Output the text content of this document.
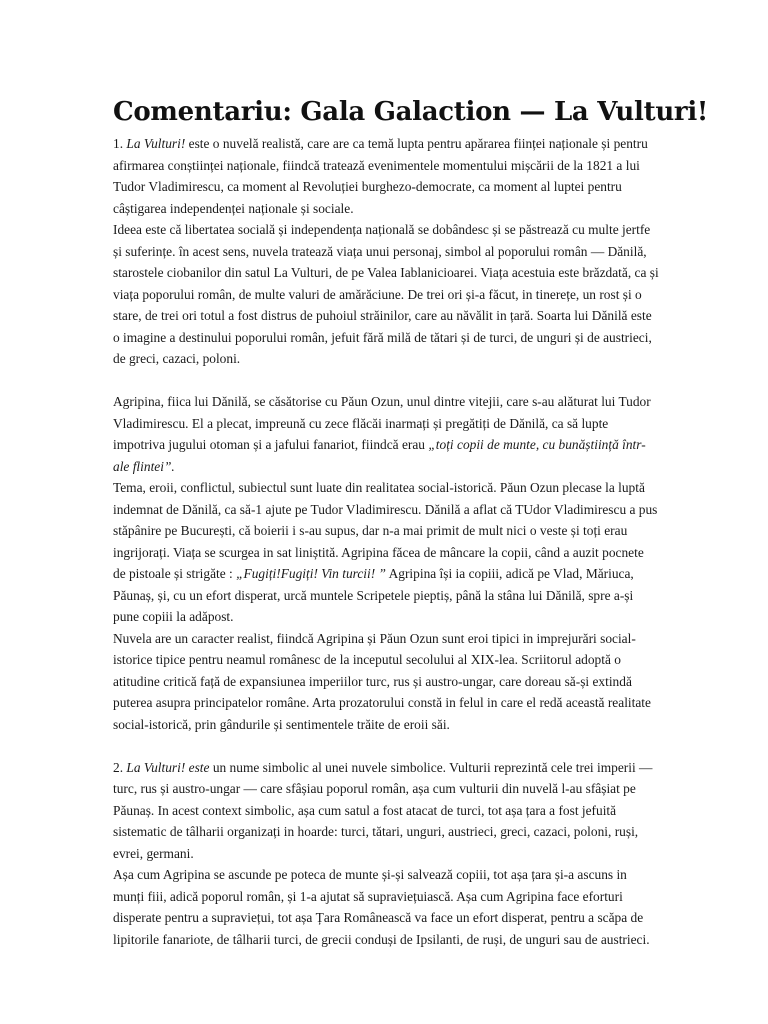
Comentariu: Gala Galaction — La Vulturi!

1. La Vulturi! este o nuvelă realistă, care are ca temă lupta pentru apărarea ființei naționale și pentru afirmarea conștiinței naționale, fiindcă tratează evenimentele momentului mișcării de la 1821 a lui Tudor Vladimirescu, ca moment al Revoluției burghezo-democrate, ca moment al luptei pentru câștigarea independenței naționale și sociale.

Ideea este că libertatea socială și independența națională se dobândesc și se păstrează cu multe jertfe și suferințe. în acest sens, nuvela tratează viața unui personaj, simbol al poporului român — Dănilă, starostele ciobanilor din satul La Vulturi, de pe Valea Iablanicioarei. Viața acestuia este brăzdată, ca și viața poporului român, de multe valuri de amărăciune. De trei ori și-a făcut, in tinerețe, un rost și o stare, de trei ori totul a fost distrus de puhoiul străinilor, care au năvălit in țară. Soarta lui Dănilă este o imagine a destinului poporului român, jefuit fără milă de tătari și de turci, de unguri și de austrieci, de greci, cazaci, poloni.

Agripina, fiica lui Dănilă, se căsătorise cu Păun Ozun, unul dintre vitejii, care s-au alăturat lui Tudor Vladimirescu. El a plecat, impreună cu zece flăcăi inarmați și pregătiți de Dănilă, ca să lupte impotriva jugului otoman și a jafului fanariot, fiindcă erau „toți copii de munte, cu bunăștiință într-ale flintei”.

Tema, eroii, conflictul, subiectul sunt luate din realitatea social-istorică. Păun Ozun plecase la luptă indemnat de Dănilă, ca să-1 ajute pe Tudor Vladimirescu. Dănilă a aflat că TUdor Vladimirescu a pus stăpânire pe București, că boierii i s-au supus, dar n-a mai primit de mult nici o veste și toți erau ingrijorați. Viața se scurgea in sat liniștită. Agripina făcea de mâncare la copii, când a auzit pocnete de pistoale și strigăte : „Fugiți!Fugiți! Vin turcii! ” Agripina își ia copiii, adică pe Vlad, Măriuca, Păunaș, și, cu un efort disperat, urcă muntele Scripetele pieptiș, până la stâna lui Dănilă, spre a-și pune copiii la adăpost.

Nuvela are un caracter realist, fiindcă Agripina și Păun Ozun sunt eroi tipici in imprejurări social-istorice tipice pentru neamul românesc de la inceputul secolului al XIX-lea. Scriitorul adoptă o atitudine critică față de expansiunea imperiilor turc, rus și austro-ungar, care doreau să-și extindă puterea asupra principatelor române. Arta prozatorului constă in felul in care el redă această realitate social-istorică, prin gândurile și sentimentele trăite de eroii săi.

2. La Vulturi! este un nume simbolic al unei nuvele simbolice. Vulturii reprezintă cele trei imperii — turc, rus și austro-ungar — care sfâșiau poporul român, așa cum vulturii din nuvelă l-au sfâșiat pe Păunaș. In acest context simbolic, așa cum satul a fost atacat de turci, tot așa țara a fost jefuită sistematic de tâlharii organizați in hoarde: turci, tătari, unguri, austrieci, greci, cazaci, poloni, ruși, evrei, germani.

Așa cum Agripina se ascunde pe poteca de munte și-și salvează copiii, tot așa țara și-a ascuns in munți fiii, adică poporul român, și 1-a ajutat să supraviețuiască. Așa cum Agripina face eforturi disperate pentru a supraviețui, tot așa Țara Românească va face un efort disperat, pentru a scăpa de lipitorile fanariote, de tâlharii turci, de grecii conduși de Ipsilanti, de ruși, de unguri sau de austrieci.
